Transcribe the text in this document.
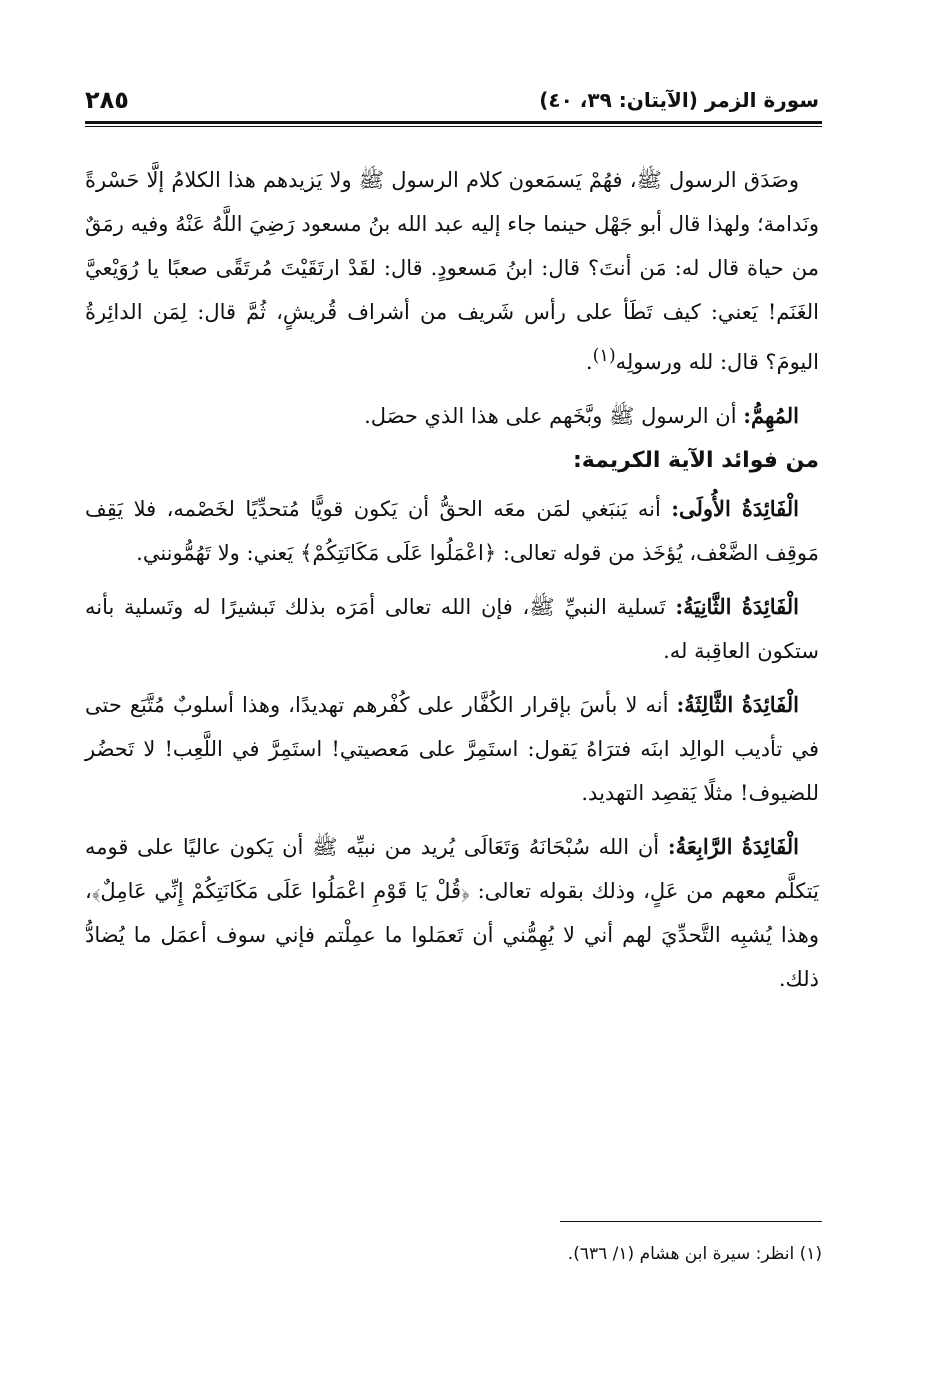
سورة الزمر (الآيتان: ٣٩، ٤٠)
٢٨٥

وصَدَق الرسول ﷺ، فهُمْ يَسمَعون كلام الرسول ﷺ ولا يَزيدهم هذا الكلامُ إلَّا حَسْرةً ونَدامة؛ ولهذا قال أبو جَهْل حينما جاء إليه عبد الله بنُ مسعود رَضِيَ اللَّهُ عَنْهُ وفيه رمَقٌ من حياة قال له: مَن أنتَ؟ قال: ابنُ مَسعودٍ. قال: لقَدْ ارتَقَيْتَ مُرتَقًى صعبًا يا رُوَيْعيَّ الغَنَم! يَعني: كيف تَطَأ على رأس شَريف من أشراف قُريشٍ، ثُمَّ قال: لِمَن الدائِرةُ اليومَ؟ قال: لله ورسولِه$^{(١)}$.

المُهِمُّ: أن الرسول ﷺ وبَّخَهم على هذا الذي حصَل.

من فوائد الآية الكريمة:

الْفَائِدَةُ الأُولَى: أنه يَنبَغي لمَن معَه الحقُّ أن يَكون قويًّا مُتحدِّيًا لخَصْمه، فلا يَقِف مَوقِف الضَّعْف، يُؤخَذ من قوله تعالى: ﴿اعْمَلُوا عَلَى مَكَانَتِكُمْ﴾ يَعني: ولا تَهُمُّونني.

الْفَائِدَةُ الثَّانِيَةُ: تَسلية النبيِّ ﷺ، فإن الله تعالى أمَرَه بذلك تَبشيرًا له وتَسلية بأنه ستكون العاقِبة له.

الْفَائِدَةُ الثَّالِثَةُ: أنه لا بأسَ بإقرار الكُفَّار على كُفْرهم تهديدًا، وهذا أسلوبٌ مُتَّبَع حتى في تأديب الوالِد ابنَه فترَاهُ يَقول: استَمِرَّ على مَعصيتي! استَمِرَّ في اللَّعِب! لا تَحضُر للضيوف! مثلًا يَقصِد التهديد.

الْفَائِدَةُ الرَّابِعَةُ: أن الله سُبْحَانَهُ وَتَعَالَى يُريد من نبيِّه ﷺ أن يَكون عاليًا على قومه يَتكلَّم معهم من عَلٍ، وذلك بقوله تعالى: ﴿قُلْ يَا قَوْمِ اعْمَلُوا عَلَى مَكَانَتِكُمْ إِنِّي عَامِلٌ﴾، وهذا يُشبِه التَّحدِّيَ لهم أني لا يُهِمُّني أن تَعمَلوا ما عمِلْتم فإني سوف أعمَل ما يُضادُّ ذلك.

(١) انظر: سيرة ابن هشام (١/ ٦٣٦).
